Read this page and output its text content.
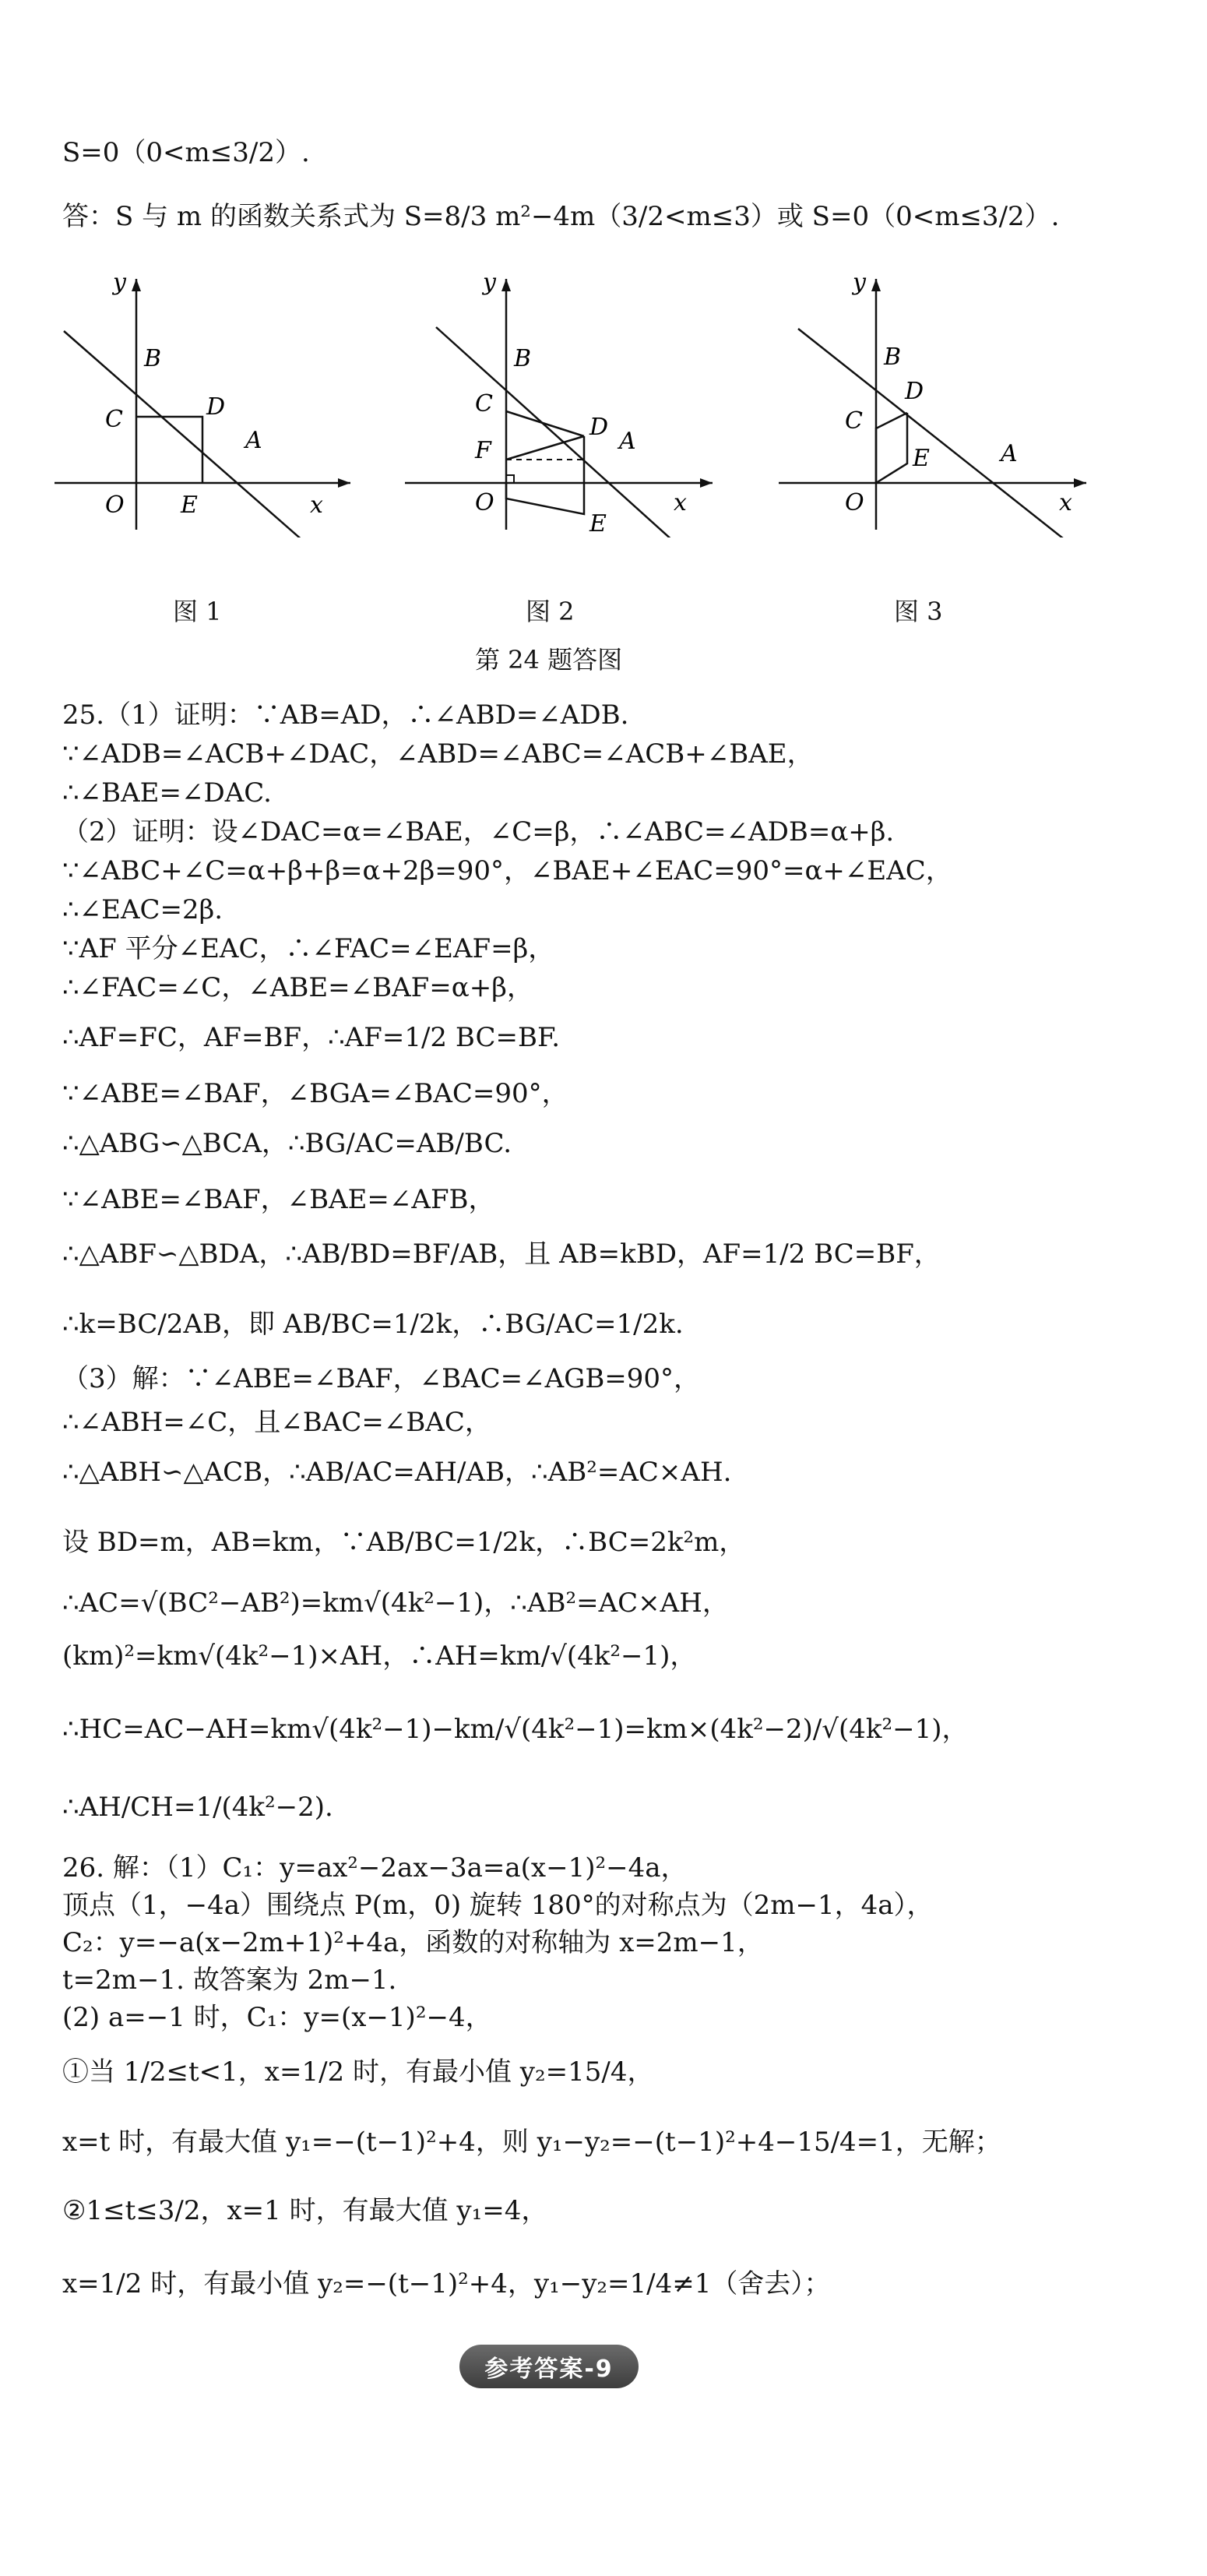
S=0（0<m≤3/2）.
答：S 与 m 的函数关系式为 S=8/3 m²−4m（3/2<m≤3）或 S=0（0<m≤3/2）.
y
B
C	D
A
O E	x
y
B
C
D
F	A
O
E
x
y
B
C
D
E	A
O	x
图 1	图 2	图 3
第 24 题答图
25.（1）证明：∵AB=AD，∴∠ABD=∠ADB.
∵∠ADB=∠ACB+∠DAC，∠ABD=∠ABC=∠ACB+∠BAE，
∴∠BAE=∠DAC.
（2）证明：设∠DAC=α=∠BAE，∠C=β，∴∠ABC=∠ADB=α+β.
∵∠ABC+∠C=α+β+β=α+2β=90°，∠BAE+∠EAC=90°=α+∠EAC，
∴∠EAC=2β.
∵AF 平分∠EAC，∴∠FAC=∠EAF=β，
∴∠FAC=∠C，∠ABE=∠BAF=α+β，
∴AF=FC，AF=BF，∴AF=1/2 BC=BF.
∵∠ABE=∠BAF，∠BGA=∠BAC=90°，
∴△ABG∽△BCA，∴BG/AC=AB/BC.
∵∠ABE=∠BAF，∠BAE=∠AFB，
∴△ABF∽△BDA，∴AB/BD=BF/AB，且 AB=kBD，AF=1/2 BC=BF，
∴k=BC/2AB，即 AB/BC=1/2k，∴BG/AC=1/2k.
（3）解：∵∠ABE=∠BAF，∠BAC=∠AGB=90°，
∴∠ABH=∠C，且∠BAC=∠BAC，
∴△ABH∽△ACB，∴AB/AC=AH/AB，∴AB²=AC×AH.
设 BD=m，AB=km，∵AB/BC=1/2k，∴BC=2k²m，
∴AC=√(BC²−AB²)=km√(4k²−1)，∴AB²=AC×AH，
(km)²=km√(4k²−1)×AH，∴AH=km/√(4k²−1)，
∴HC=AC−AH=km√(4k²−1)−km/√(4k²−1)=km×(4k²−2)/√(4k²−1)，
∴AH/CH=1/(4k²−2).
26. 解：（1）C₁：y=ax²−2ax−3a=a(x−1)²−4a，
顶点（1，−4a）围绕点 P(m，0) 旋转 180°的对称点为（2m−1，4a），
C₂：y=−a(x−2m+1)²+4a，函数的对称轴为 x=2m−1，
t=2m−1. 故答案为 2m−1.
(2) a=−1 时，C₁：y=(x−1)²−4，
①当 1/2≤t<1，x=1/2 时，有最小值 y₂=15/4，
x=t 时，有最大值 y₁=−(t−1)²+4，则 y₁−y₂=−(t−1)²+4−15/4=1，无解；
②1≤t≤3/2，x=1 时，有最大值 y₁=4，
x=1/2 时，有最小值 y₂=−(t−1)²+4，y₁−y₂=1/4≠1（舍去）；
参考答案-9
